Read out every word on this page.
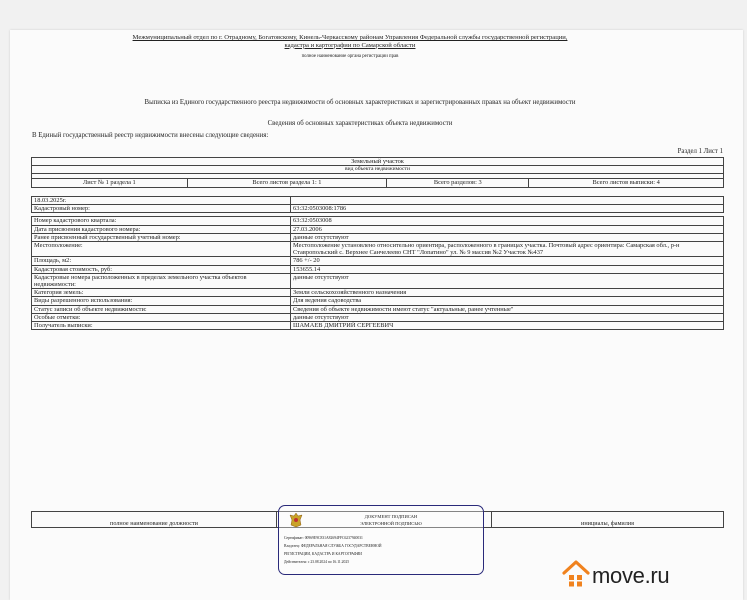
Межмуниципальный отдел по г. Отрадному, Богатовскому, Кинель-Черкасскому районам Управления Федеральной службы государственной регистрации,
кадастра и картографии по Самарской области
полное наименование органа регистрации прав
Выписка из Единого государственного реестра недвижимости об основных характеристиках и зарегистрированных правах на объект недвижимости
Сведения об основных характеристиках объекта недвижимости
В Единый государственный реестр недвижимости внесены следующие сведения:
Раздел 1 Лист 1
Земельный участок
вид объекта недвижимости

Лист № 1 раздела 1	Всего листов раздела 1: 1	Всего разделов: 3	Всего листов выписки: 4
18.03.2025г.		
Кадастровый номер:	63:32:0503008:1786	

Номер кадастрового квартала:	63:32:0503008	
Дата присвоения кадастрового номера:	27.03.2006	
Ранее присвоенный государственный учетный номер:	данные отсутствуют	
Местоположение:	Местоположение установлено относительно ориентира, расположенного в границах участка. Почтовый адрес ориентира: Самарская обл., р-н Ставропольский с. Верхнее Санчелеево СНТ "Лопатино" ул. № 9 массив №2 Участок №437	
Площадь, м2:	786 +/- 20	
Кадастровая стоимость, руб:	153655.14	
Кадастровые номера расположенных в пределах земельного участка объектов недвижимости:	данные отсутствуют	
Категория земель:	Земли сельскохозяйственного назначения	
Виды разрешенного использования:	Для ведения садоводства	
Статус записи об объекте недвижимости:	Сведения об объекте недвижимости имеют статус "актуальные, ранее учтенные"	
Особые отметки:	данные отсутствуют	
Получатель выписки:	ШАМАЕВ ДМИТРИЙ СЕРГЕЕВИЧ	
полное наименование должности		инициалы, фамилия
ДОКУМЕНТ ПОДПИСАН
ЭЛЕКТРОННОЙ ПОДПИСЬЮ
Сертификат: 00969E9C831A82694FFC6237940031
Владелец: ФЕДЕРАЛЬНАЯ СЛУЖБА ГОСУДАРСТВЕННОЙ
РЕГИСТРАЦИИ, КАДАСТРА И КАРТОГРАФИИ
Действителен: с 23.08.2024 по 16.11.2025
move.ru
